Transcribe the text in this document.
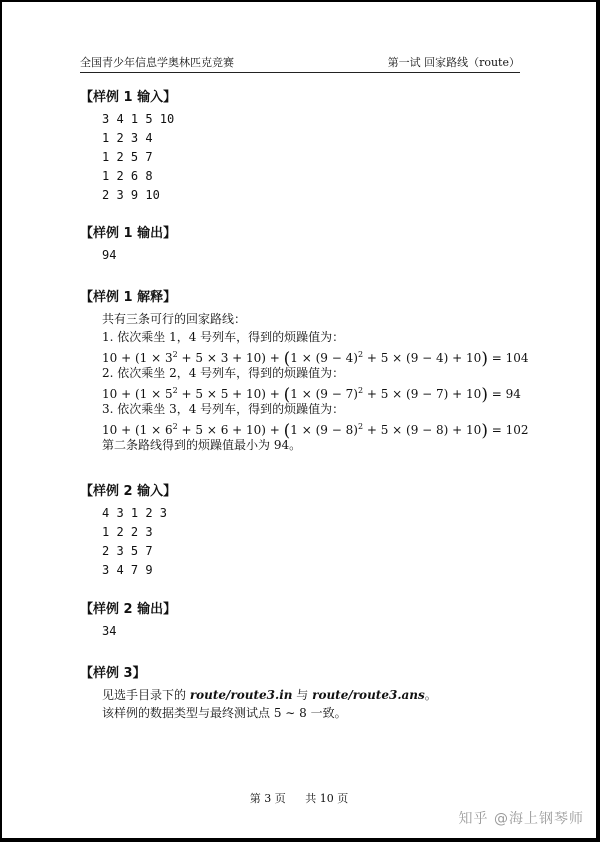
全国青少年信息学奥林匹克竞赛	第一试 回家路线（route）
【样例 1 输入】
3 4 1 5 10
1 2 3 4
1 2 5 7
1 2 6 8
2 3 9 10
【样例 1 输出】
94
【样例 1 解释】
共有三条可行的回家路线：
1. 依次乘坐 1，4 号列车，得到的烦躁值为：
$10 + (1 \times 3^2 + 5 \times 3 + 10) + (1 \times (9 - 4)^2 + 5 \times (9 - 4) + 10) = 104$
2. 依次乘坐 2，4 号列车，得到的烦躁值为：
$10 + (1 \times 5^2 + 5 \times 5 + 10) + (1 \times (9 - 7)^2 + 5 \times (9 - 7) + 10) = 94$
3. 依次乘坐 3，4 号列车，得到的烦躁值为：
$10 + (1 \times 6^2 + 5 \times 6 + 10) + (1 \times (9 - 8)^2 + 5 \times (9 - 8) + 10) = 102$
第二条路线得到的烦躁值最小为 94。
【样例 2 输入】
4 3 1 2 3
1 2 2 3
2 3 5 7
3 4 7 9
【样例 2 输出】
34
【样例 3】
见选手目录下的 route/route3.in 与 route/route3.ans。
该样例的数据类型与最终测试点 5 ∼ 8 一致。
第 3 页 共 10 页
知乎 @海上钢琴师
